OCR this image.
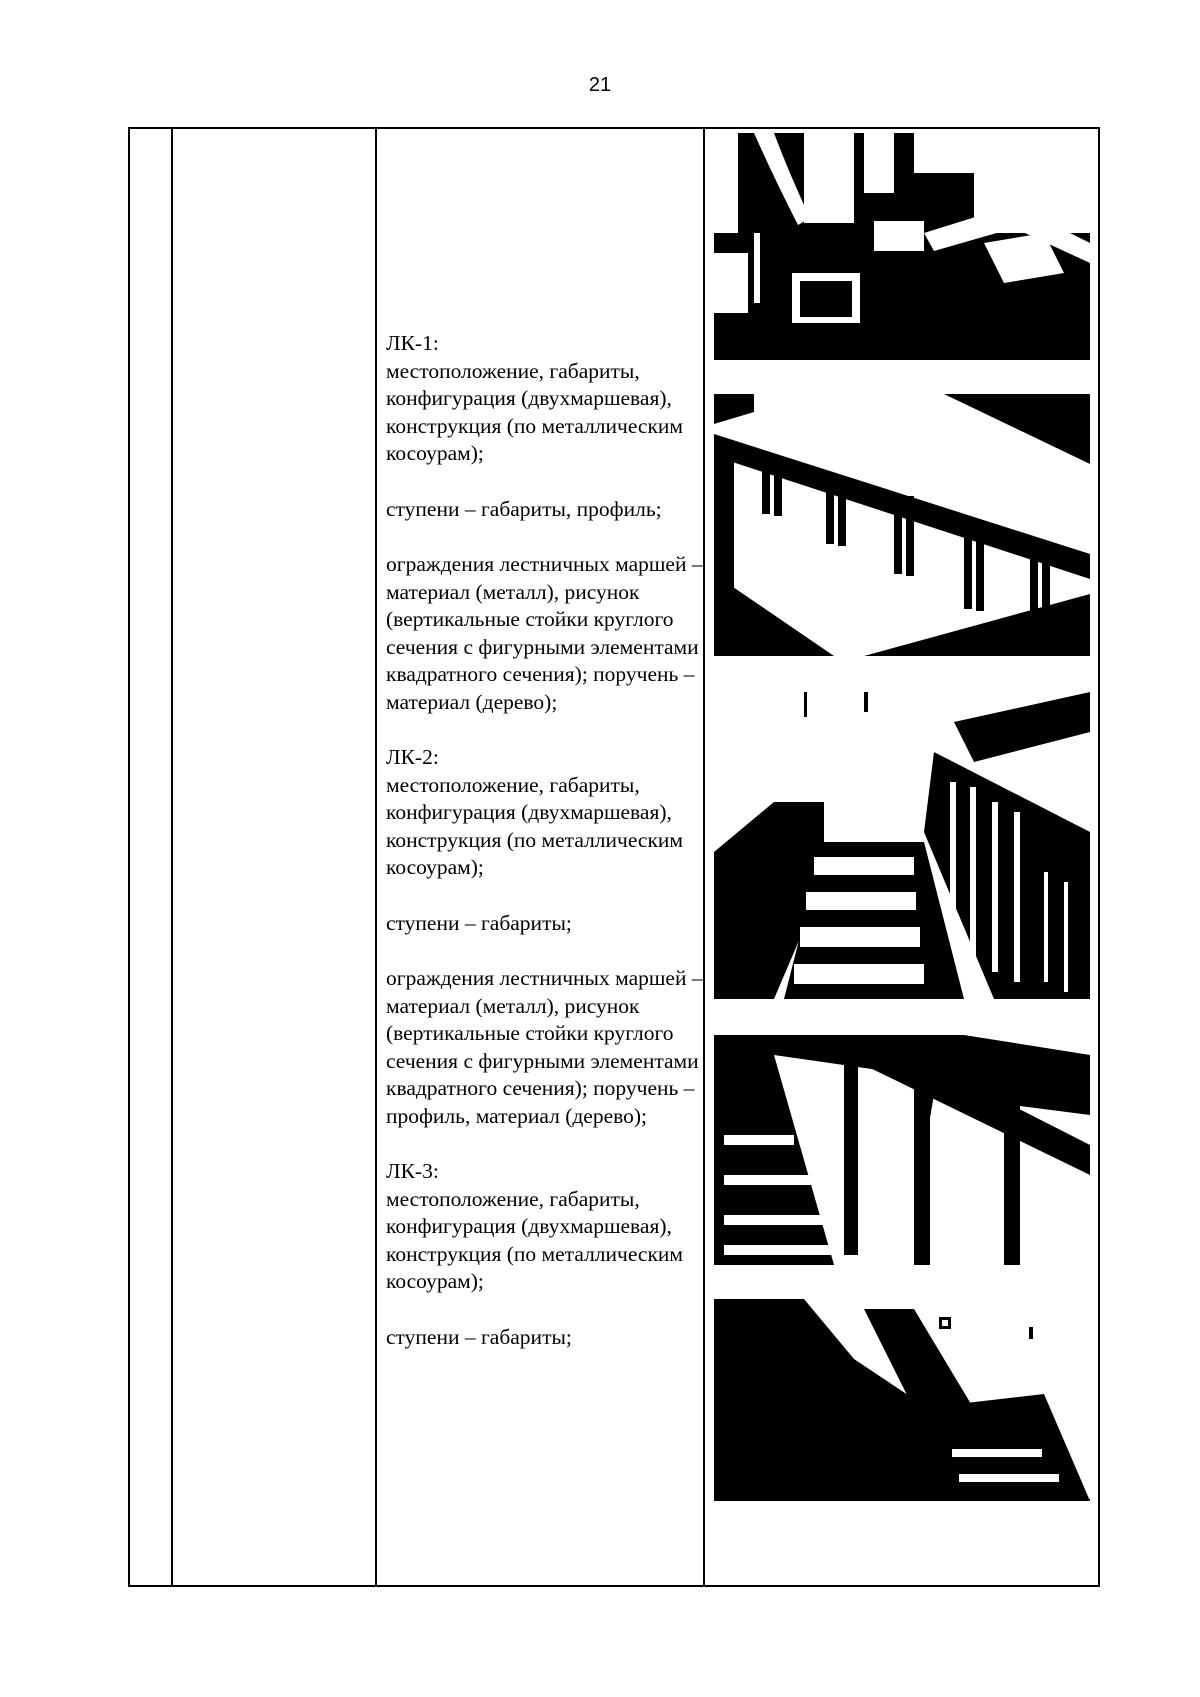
21

ЛК-1:
местоположение, габариты, конфигурация (двухмаршевая), конструкция (по металлическим косоурам);

ступени – габариты, профиль;

ограждения лестничных маршей – материал (металл), рисунок (вертикальные стойки круглого сечения с фигурными элементами квадратного сечения); поручень – материал (дерево);

ЛК-2:
местоположение, габариты, конфигурация (двухмаршевая), конструкция (по металлическим косоурам);

ступени – габариты;

ограждения лестничных маршей – материал (металл), рисунок (вертикальные стойки круглого сечения с фигурными элементами квадратного сечения); поручень – профиль, материал (дерево);

ЛК-3:
местоположение, габариты, конфигурация (двухмаршевая), конструкция (по металлическим косоурам);

ступени – габариты;
